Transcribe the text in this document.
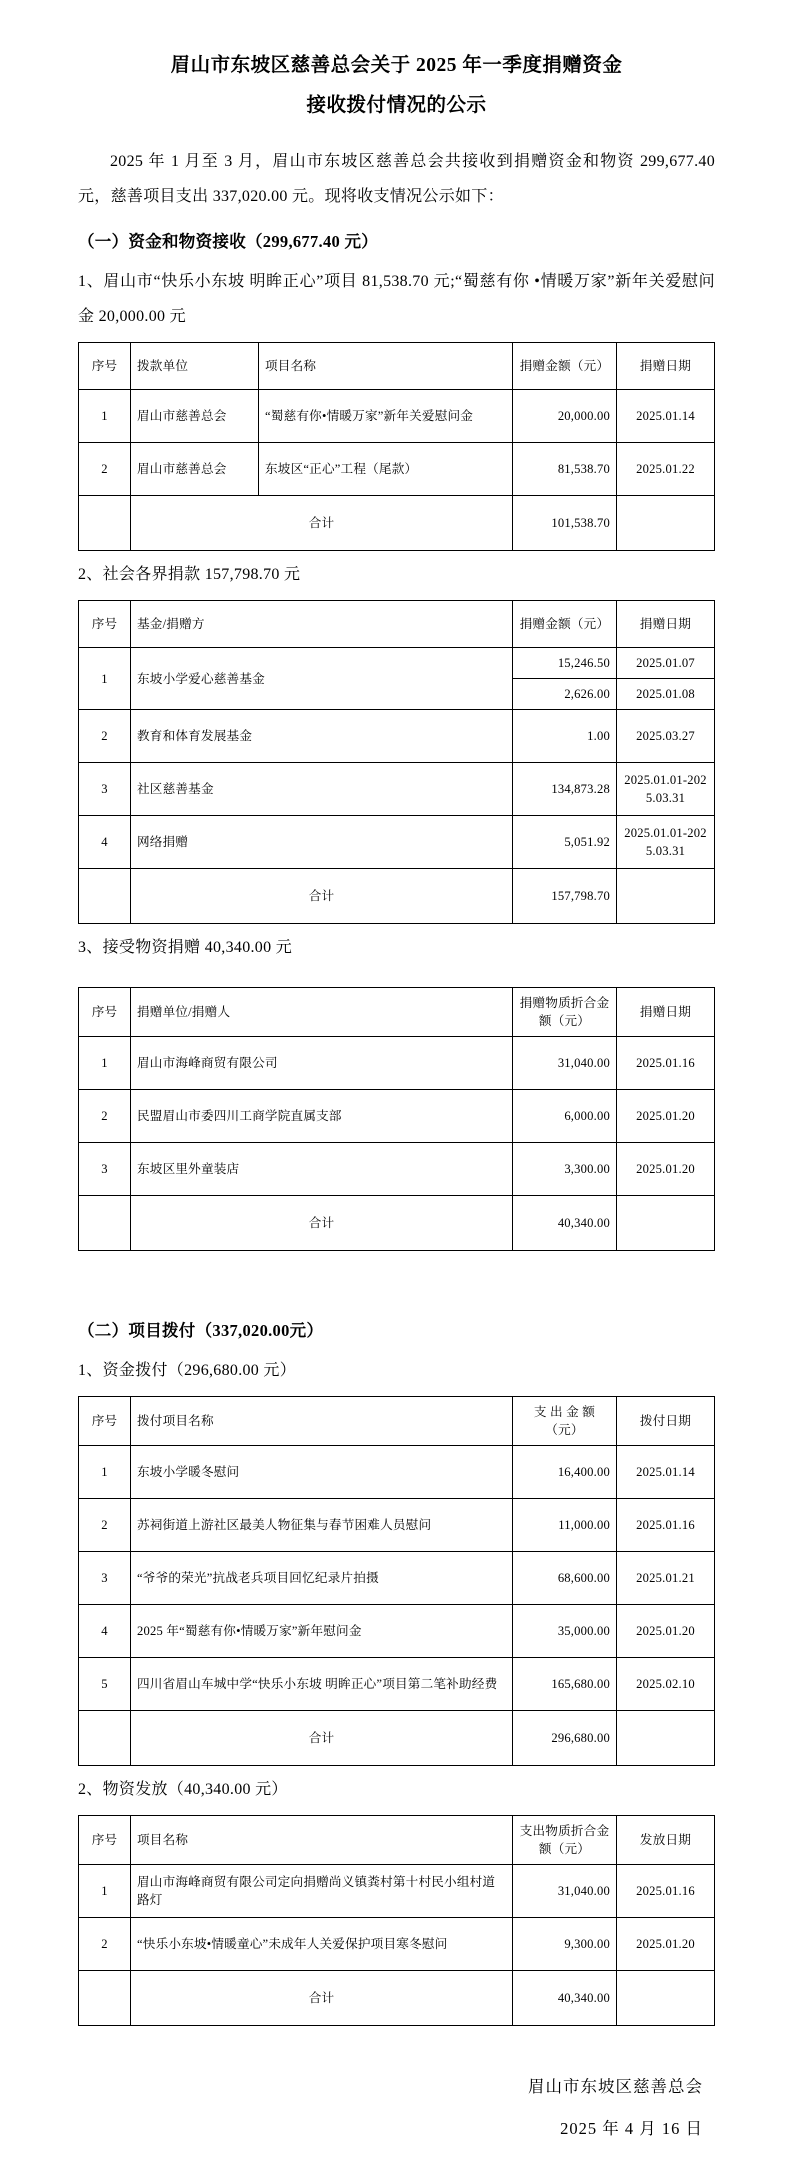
眉山市东坡区慈善总会关于 2025 年一季度捐赠资金
接收拨付情况的公示

2025 年 1 月至 3 月，眉山市东坡区慈善总会共接收到捐赠资金和物资 299,677.40 元，慈善项目支出 337,020.00 元。现将收支情况公示如下：

（一）资金和物资接收（299,677.40 元）
1、眉山市“快乐小东坡 明眸正心”项目 81,538.70 元;“蜀慈有你 •情暖万家”新年关爱慰问金 20,000.00 元
序号	拨款单位	项目名称	捐赠金额（元）	捐赠日期
1	眉山市慈善总会	“蜀慈有你•情暖万家”新年关爱慰问金	20,000.00	2025.01.14
2	眉山市慈善总会	东坡区“正心”工程（尾款）	81,538.70	2025.01.22
	合计		101,538.70	
2、社会各界捐款 157,798.70 元
序号	基金/捐赠方	捐赠金额（元）	捐赠日期
1	东坡小学爱心慈善基金	15,246.50	2025.01.07
		2,626.00	2025.01.08
2	教育和体育发展基金	1.00	2025.03.27
3	社区慈善基金	134,873.28	2025.01.01-2025.03.31
4	网络捐赠	5,051.92	2025.01.01-2025.03.31
	合计	157,798.70	
3、接受物资捐赠 40,340.00 元
序号	捐赠单位/捐赠人	捐赠物质折合金额（元）	捐赠日期
1	眉山市海峰商贸有限公司	31,040.00	2025.01.16
2	民盟眉山市委四川工商学院直属支部	6,000.00	2025.01.20
3	东坡区里外童装店	3,300.00	2025.01.20
	合计	40,340.00	
（二）项目拨付（337,020.00元）
1、资金拨付（296,680.00 元）
序号	拨付项目名称	支 出 金 额（元）	拨付日期
1	东坡小学暖冬慰问	16,400.00	2025.01.14
2	苏祠街道上游社区最美人物征集与春节困难人员慰问	11,000.00	2025.01.16
3	“爷爷的荣光”抗战老兵项目回忆纪录片拍摄	68,600.00	2025.01.21
4	2025 年“蜀慈有你•情暖万家”新年慰问金	35,000.00	2025.01.20
5	四川省眉山车城中学“快乐小东坡 明眸正心”项目第二笔补助经费	165,680.00	2025.02.10
	合计	296,680.00	
2、物资发放（40,340.00 元）
序号	项目名称	支出物质折合金额（元）	发放日期
1	眉山市海峰商贸有限公司定向捐赠尚义镇粪村第十村民小组村道路灯	31,040.00	2025.01.16
2	“快乐小东坡•情暖童心”未成年人关爱保护项目寒冬慰问	9,300.00	2025.01.20
	合计	40,340.00	
眉山市东坡区慈善总会
2025 年 4 月 16 日
